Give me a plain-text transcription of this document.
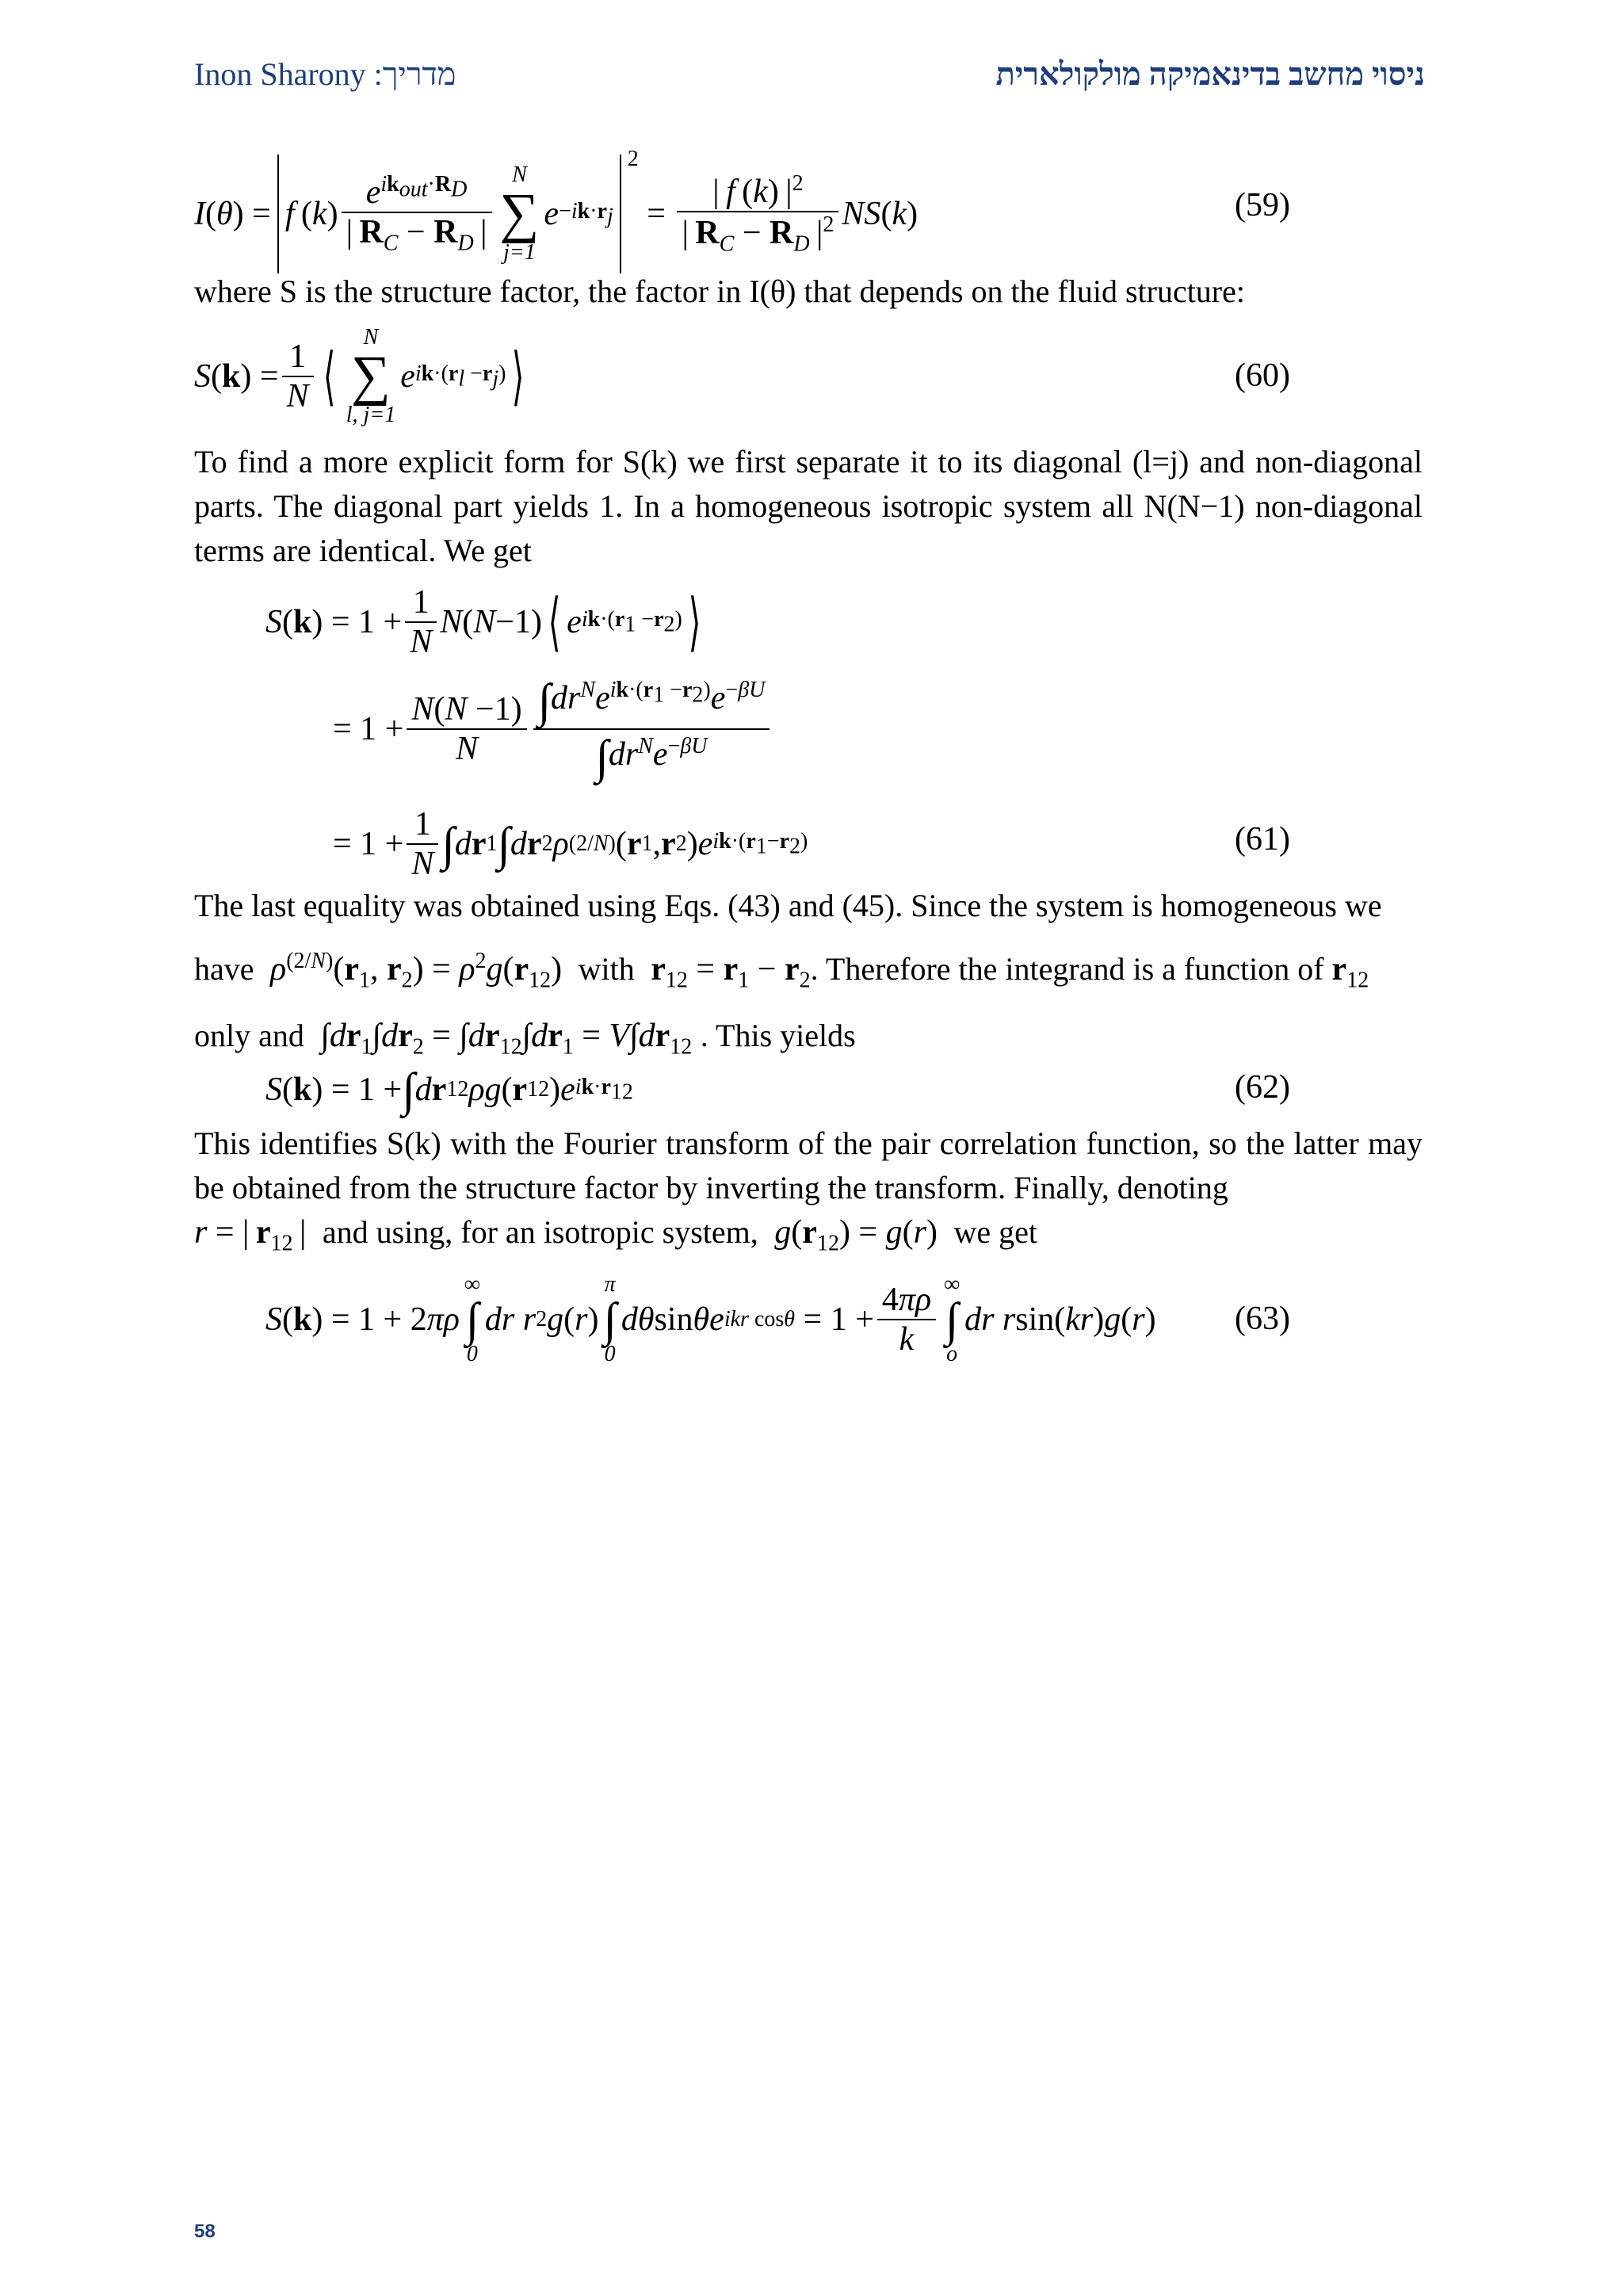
Inon Sharony :מדריך	ניסוי מחשב בדינאמיקה מולקולארית
I ( θ ) = f  ( k ) $\frac{e^{ik_{out}\cdot R_D}}{| R_C - R_D |}$ N
∑
j=1
$e -ik\cdot r_j$
$^2$
= $\frac{| f (k) |^2}{| R_C - R_D |^2}$ NS ( k )	(59)
where S is the structure factor, the factor in I(θ) that depends on the fluid structure:
S ( k ) = $\frac{1}{N}$ ⟨
N
∑
l, j=1
e $ik\cdot(r_l -r_j)$ ⟩	(60)
To find a more explicit form for S(k) we first separate it to its diagonal (l=j) and non-diagonal parts. The diagonal part yields 1. In a homogeneous isotropic system all N(N−1) non-diagonal terms are identical. We get
S ( k ) = $1 + \frac{1}{N}$ N ( N −1) ⟨ e $ik\cdot(r_1 -r_2)$ ⟩
= $1 + \frac{N(N -1)}{N} \frac{\int dr^Ne^{ik\cdot(r_1 -r_2)}e^{-\beta U}}{\int dr^Ne^{-\beta U}}$
= $1 + \frac{1}{N}$ ∫ d r 1 ∫ d r 2 ρ (2/N) ( r 1 , r 2 ) e $ik\cdot(r_1-r_2)$	(61)
The last equality was obtained using Eqs. (43) and (45). Since the system is homogeneous we
have $\rho^{(2/N)}(r_1$, $r_2) = \rho^2g(r_{12})$  with $r_{12} = r_1 - r_2$. Therefore the integrand is a function of $r_{12}$
only and  $\int dr_1\int dr_2 = \int dr_{12}\int dr_1 = V\int dr_{12}$ . This yields
S ( k ) = 1 + ∫ d r 12 ρg ( r 12 ) e $ik\cdot r_{12}$	(62)
This identifies S(k) with the Fourier transform of the pair correlation function, so the latter may be obtained from the structure factor by inverting the transform. Finally, denoting
r = | $r_{12}$ |  and using, for an isotropic system, $g(r_{12}) = g(r)$  we get
S ( k ) = 1 + 2 πρ
∞
∫
0
dr r 2 g ( r )
π
∫
0
dθ sin θe ikr $\cos\theta = 1 + \frac{4\pi\rho}{k}$ ∞
∫
o
dr r sin( kr ) g ( r ) (63)
58
